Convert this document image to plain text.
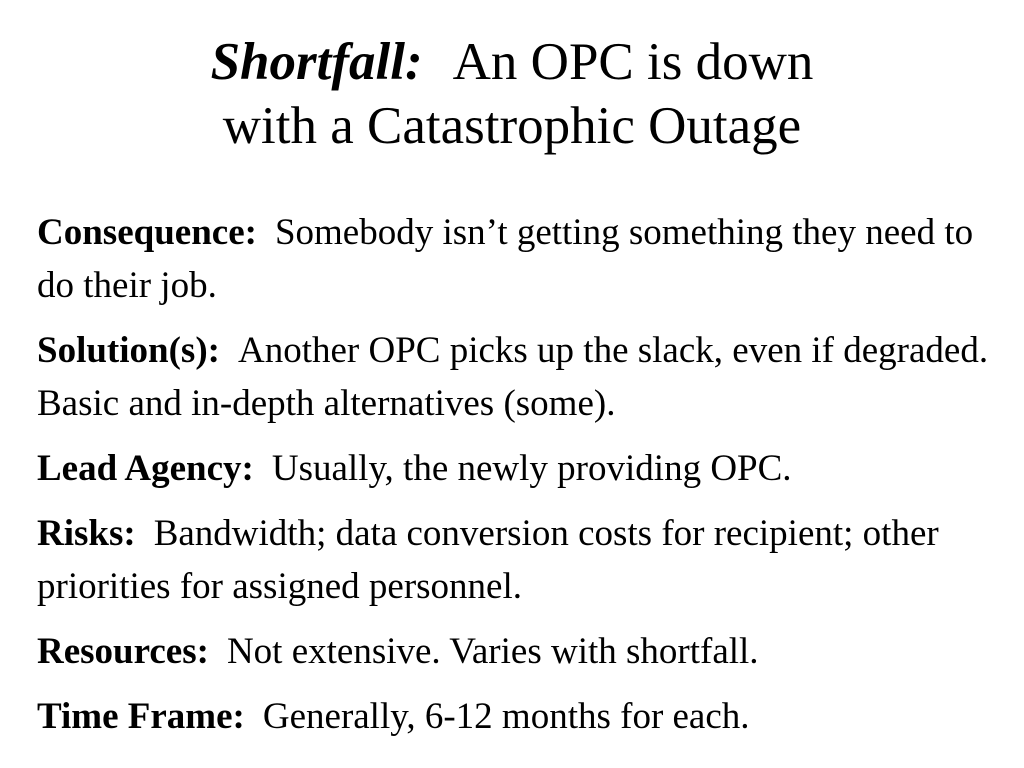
Shortfall: An OPC is down
with a Catastrophic Outage
Consequence: Somebody isn’t getting something they need to do their job.
Solution(s): Another OPC picks up the slack, even if degraded. Basic and in-depth alternatives (some).
Lead Agency: Usually, the newly providing OPC.
Risks: Bandwidth; data conversion costs for recipient; other priorities for assigned personnel.
Resources: Not extensive. Varies with shortfall.
Time Frame: Generally, 6-12 months for each.
